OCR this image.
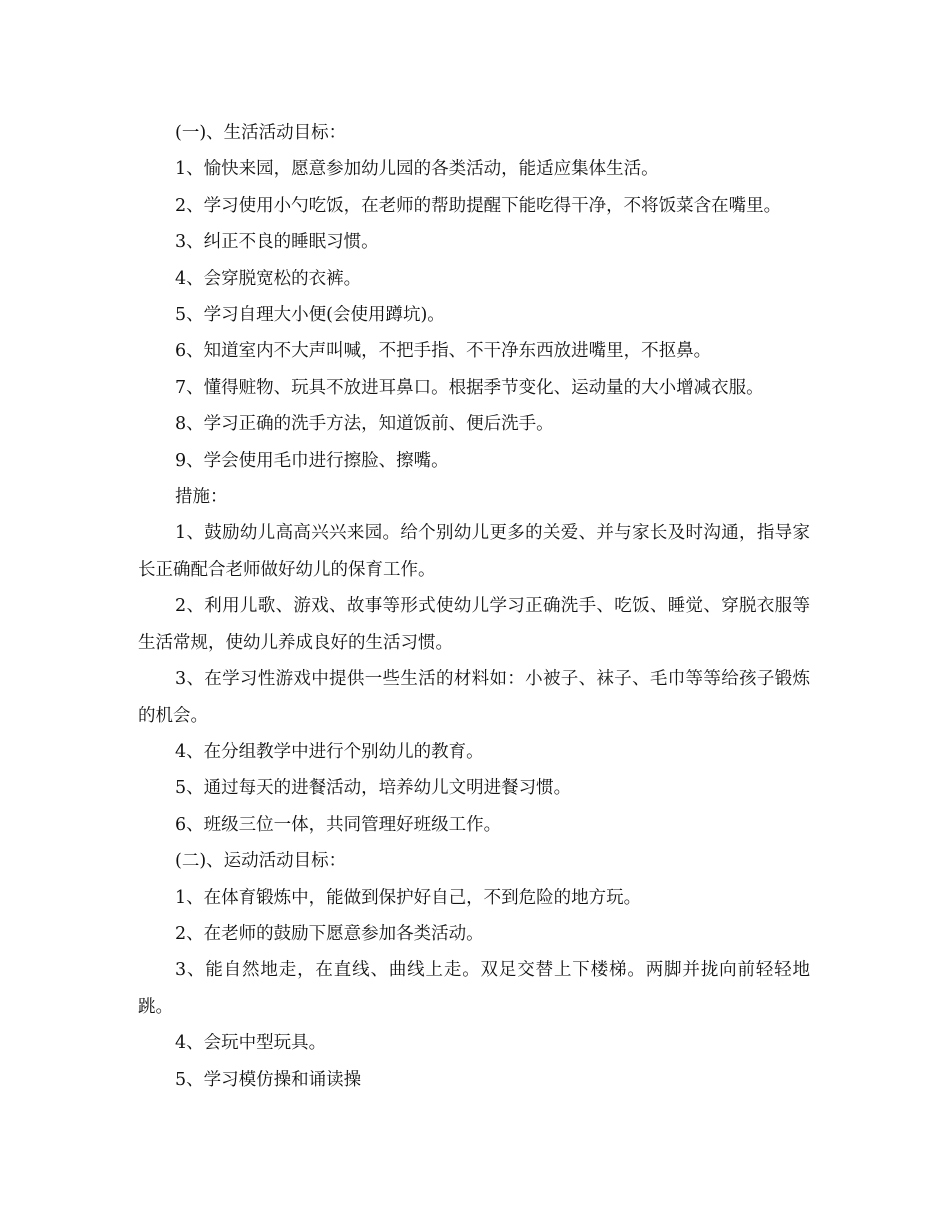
(一)、生活活动目标：

1、愉快来园，愿意参加幼儿园的各类活动，能适应集体生活。

2、学习使用小勺吃饭，在老师的帮助提醒下能吃得干净，不将饭菜含在嘴里。

3、纠正不良的睡眠习惯。

4、会穿脱宽松的衣裤。

5、学习自理大小便(会使用蹲坑)。

6、知道室内不大声叫喊，不把手指、不干净东西放进嘴里，不抠鼻。

7、懂得赃物、玩具不放进耳鼻口。根据季节变化、运动量的大小增减衣服。

8、学习正确的洗手方法，知道饭前、便后洗手。

9、学会使用毛巾进行擦脸、擦嘴。

措施：

1、鼓励幼儿高高兴兴来园。给个别幼儿更多的关爱、并与家长及时沟通，指导家长正确配合老师做好幼儿的保育工作。

2、利用儿歌、游戏、故事等形式使幼儿学习正确洗手、吃饭、睡觉、穿脱衣服等生活常规，使幼儿养成良好的生活习惯。

3、在学习性游戏中提供一些生活的材料如：小被子、袜子、毛巾等等给孩子锻炼的机会。

4、在分组教学中进行个别幼儿的教育。

5、通过每天的进餐活动，培养幼儿文明进餐习惯。

6、班级三位一体，共同管理好班级工作。

(二)、运动活动目标：

1、在体育锻炼中，能做到保护好自己，不到危险的地方玩。

2、在老师的鼓励下愿意参加各类活动。

3、能自然地走，在直线、曲线上走。双足交替上下楼梯。两脚并拢向前轻轻地跳。

4、会玩中型玩具。

5、学习模仿操和诵读操
